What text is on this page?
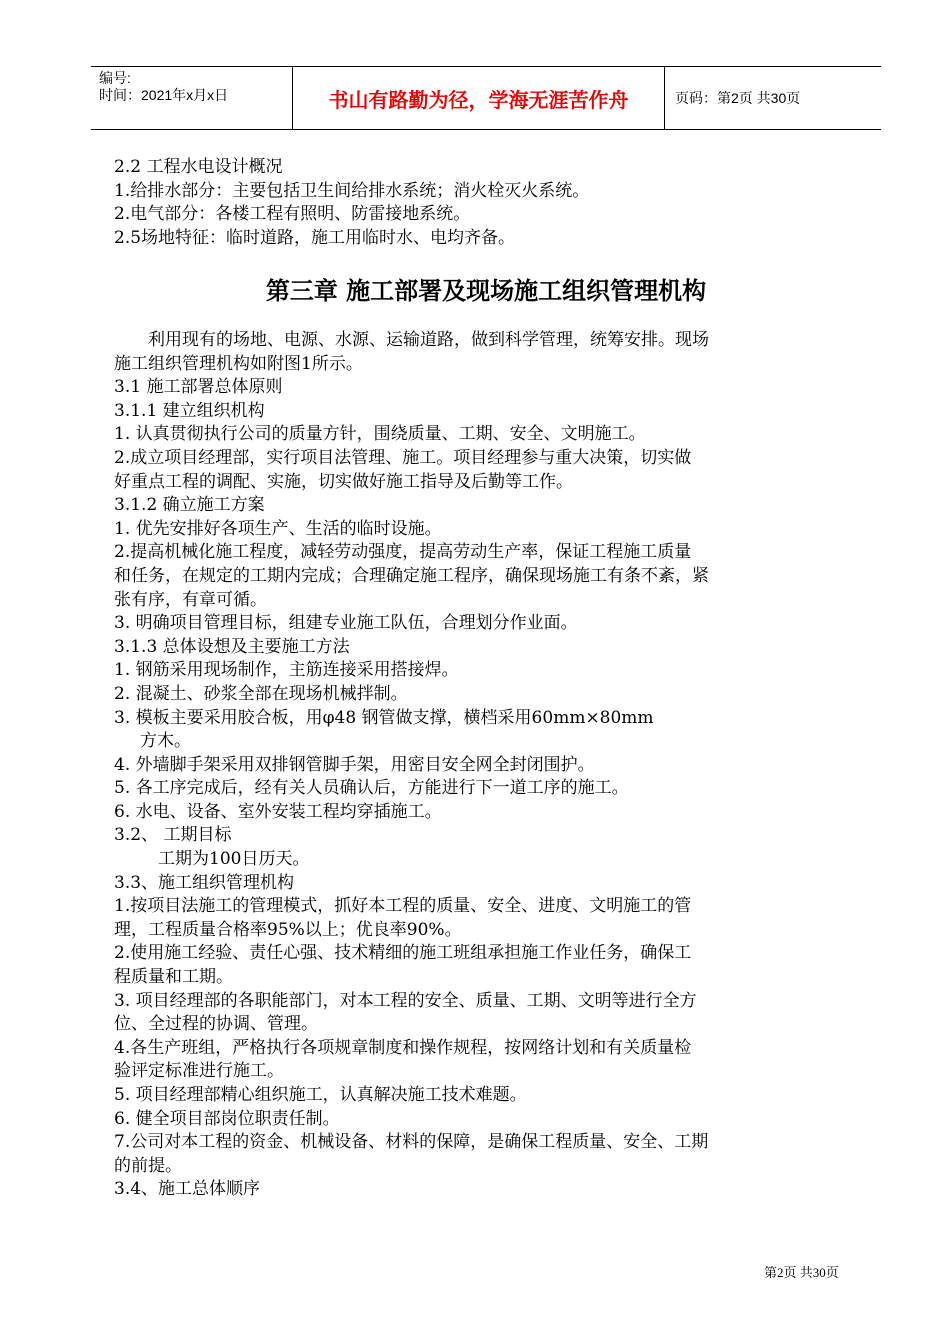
编号:
时间：2021年x月x日	书山有路勤为径，学海无涯苦作舟	页码：第2页 共30页
2.2 工程水电设计概况
1.给排水部分：主要包括卫生间给排水系统；消火栓灭火系统。
2.电气部分：各楼工程有照明、防雷接地系统。
2.5场地特征：临时道路，施工用临时水、电均齐备。
第三章 施工部署及现场施工组织管理机构
利用现有的场地、电源、水源、运输道路，做到科学管理，统筹安排。现场
施工组织管理机构如附图1所示。
3.1 施工部署总体原则
3.1.1 建立组织机构
1. 认真贯彻执行公司的质量方针，围绕质量、工期、安全、文明施工。
2.成立项目经理部，实行项目法管理、施工。项目经理参与重大决策，切实做
好重点工程的调配、实施，切实做好施工指导及后勤等工作。
3.1.2 确立施工方案
1. 优先安排好各项生产、生活的临时设施。
2.提高机械化施工程度，减轻劳动强度，提高劳动生产率，保证工程施工质量
和任务，在规定的工期内完成；合理确定施工程序，确保现场施工有条不紊，紧
张有序，有章可循。
3. 明确项目管理目标，组建专业施工队伍，合理划分作业面。
3.1.3 总体设想及主要施工方法
1. 钢筋采用现场制作，主筋连接采用搭接焊。
2. 混凝土、砂浆全部在现场机械拌制。
3. 模板主要采用胶合板，用φ48 钢管做支撑，横档采用60mm×80mm
方木。
4. 外墙脚手架采用双排钢管脚手架，用密目安全网全封闭围护。
5. 各工序完成后，经有关人员确认后，方能进行下一道工序的施工。
6. 水电、设备、室外安装工程均穿插施工。
3.2、 工期目标
工期为100日历天。
3.3、施工组织管理机构
1.按项目法施工的管理模式，抓好本工程的质量、安全、进度、文明施工的管
理，工程质量合格率95%以上；优良率90%。
2.使用施工经验、责任心强、技术精细的施工班组承担施工作业任务，确保工
程质量和工期。
3. 项目经理部的各职能部门，对本工程的安全、质量、工期、文明等进行全方
位、全过程的协调、管理。
4.各生产班组，严格执行各项规章制度和操作规程，按网络计划和有关质量检
验评定标准进行施工。
5. 项目经理部精心组织施工，认真解决施工技术难题。
6. 健全项目部岗位职责任制。
7.公司对本工程的资金、机械设备、材料的保障，是确保工程质量、安全、工期
的前提。
3.4、施工总体顺序
第2页 共30页
